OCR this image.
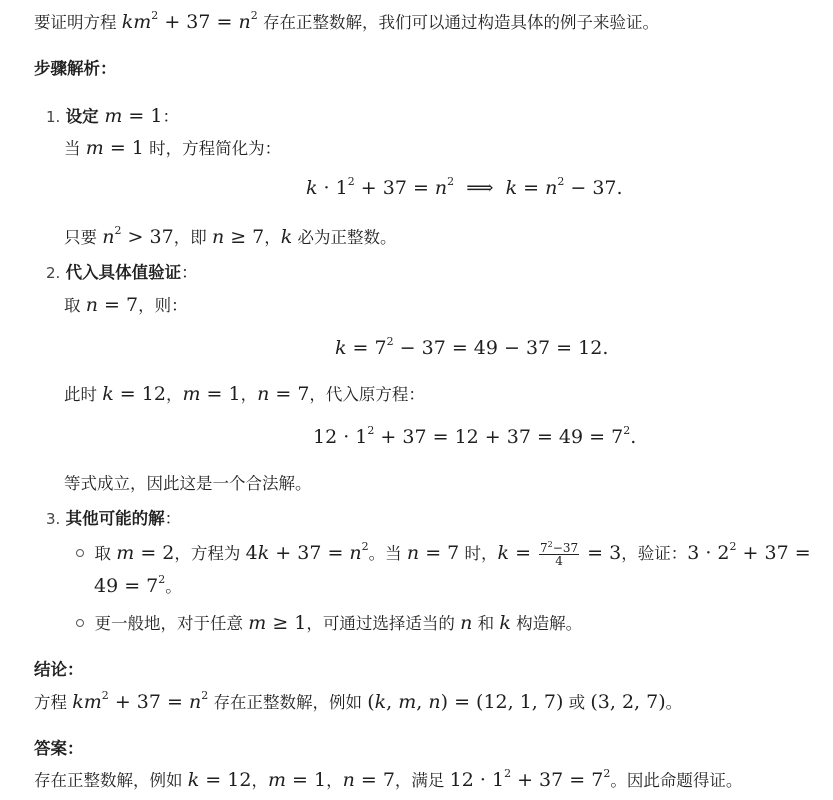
要证明方程 $km^2 + 37 = n^2$ 存在正整数解，我们可以通过构造具体的例子来验证。
步骤解析：
1. 设定 m = 1：
当 m = 1 时，方程简化为：
$k \cdot 1^2 + 37 = n^2$  ⟹  $k = n^2 - 37$.
只要 $n^2 > 37$，即 n ≥ 7，k 必为正整数。
2. 代入具体值验证：
取 n = 7，则：
$k = 7^2 - 37 = 49 - 37 = 12$.
此时 k = 12，m = 1，n = 7，代入原方程：
$12 \cdot 1^2 + 37 = 12 + 37 = 49 = 7^2$.
等式成立，因此这是一个合法解。
3. 其他可能的解：
取 m = 2，方程为 $4k + 37 = n^2$。当 n = 7 时，$k = \frac{7^2-37}{4} = 3$，验证：$3 \cdot 2^2 + 37$ =
$49 = 7^2$。
更一般地，对于任意 m ≥ 1，可通过选择适当的 n 和 k 构造解。
结论：
方程 $km^2 + 37 = n^2$ 存在正整数解，例如 (k, m, n) = (12, 1, 7) 或 (3, 2, 7)。
答案：
存在正整数解，例如 k = 12，m = 1，n = 7，满足 $12 \cdot 1^2 + 37 = 7^2$。因此命题得证。
